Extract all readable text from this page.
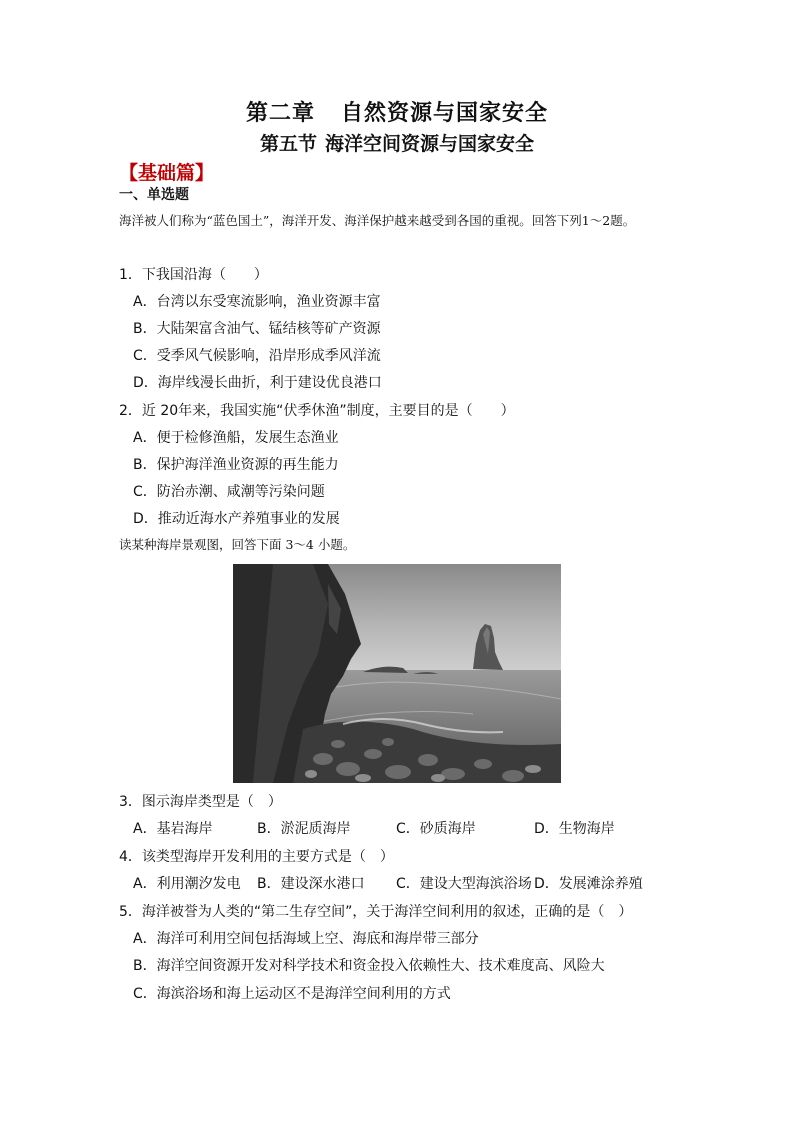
第二章 自然资源与国家安全
第五节 海洋空间资源与国家安全
【基础篇】
一、单选题
海洋被人们称为“蓝色国土”，海洋开发、海洋保护越来越受到各国的重视。回答下列1～2题。
1．下我国沿海（　　）
A．台湾以东受寒流影响，渔业资源丰富
B．大陆架富含油气、锰结核等矿产资源
C．受季风气候影响，沿岸形成季风洋流
D．海岸线漫长曲折，利于建设优良港口
2．近 20年来，我国实施“伏季休渔”制度，主要目的是（　　）
A．便于检修渔船，发展生态渔业
B．保护海洋渔业资源的再生能力
C．防治赤潮、咸潮等污染问题
D．推动近海水产养殖事业的发展
读某种海岸景观图，回答下面 3～4 小题。
3．图示海岸类型是（　）
A．基岩海岸	B．淤泥质海岸	C．砂质海岸	D．生物海岸
4．该类型海岸开发利用的主要方式是（　）
A．利用潮汐发电 B．建设深水港口 C．建设大型海滨浴场 D．发展滩涂养殖
5．海洋被誉为人类的“第二生存空间”，关于海洋空间利用的叙述，正确的是（　）
A．海洋可利用空间包括海域上空、海底和海岸带三部分
B．海洋空间资源开发对科学技术和资金投入依赖性大、技术难度高、风险大
C．海滨浴场和海上运动区不是海洋空间利用的方式
